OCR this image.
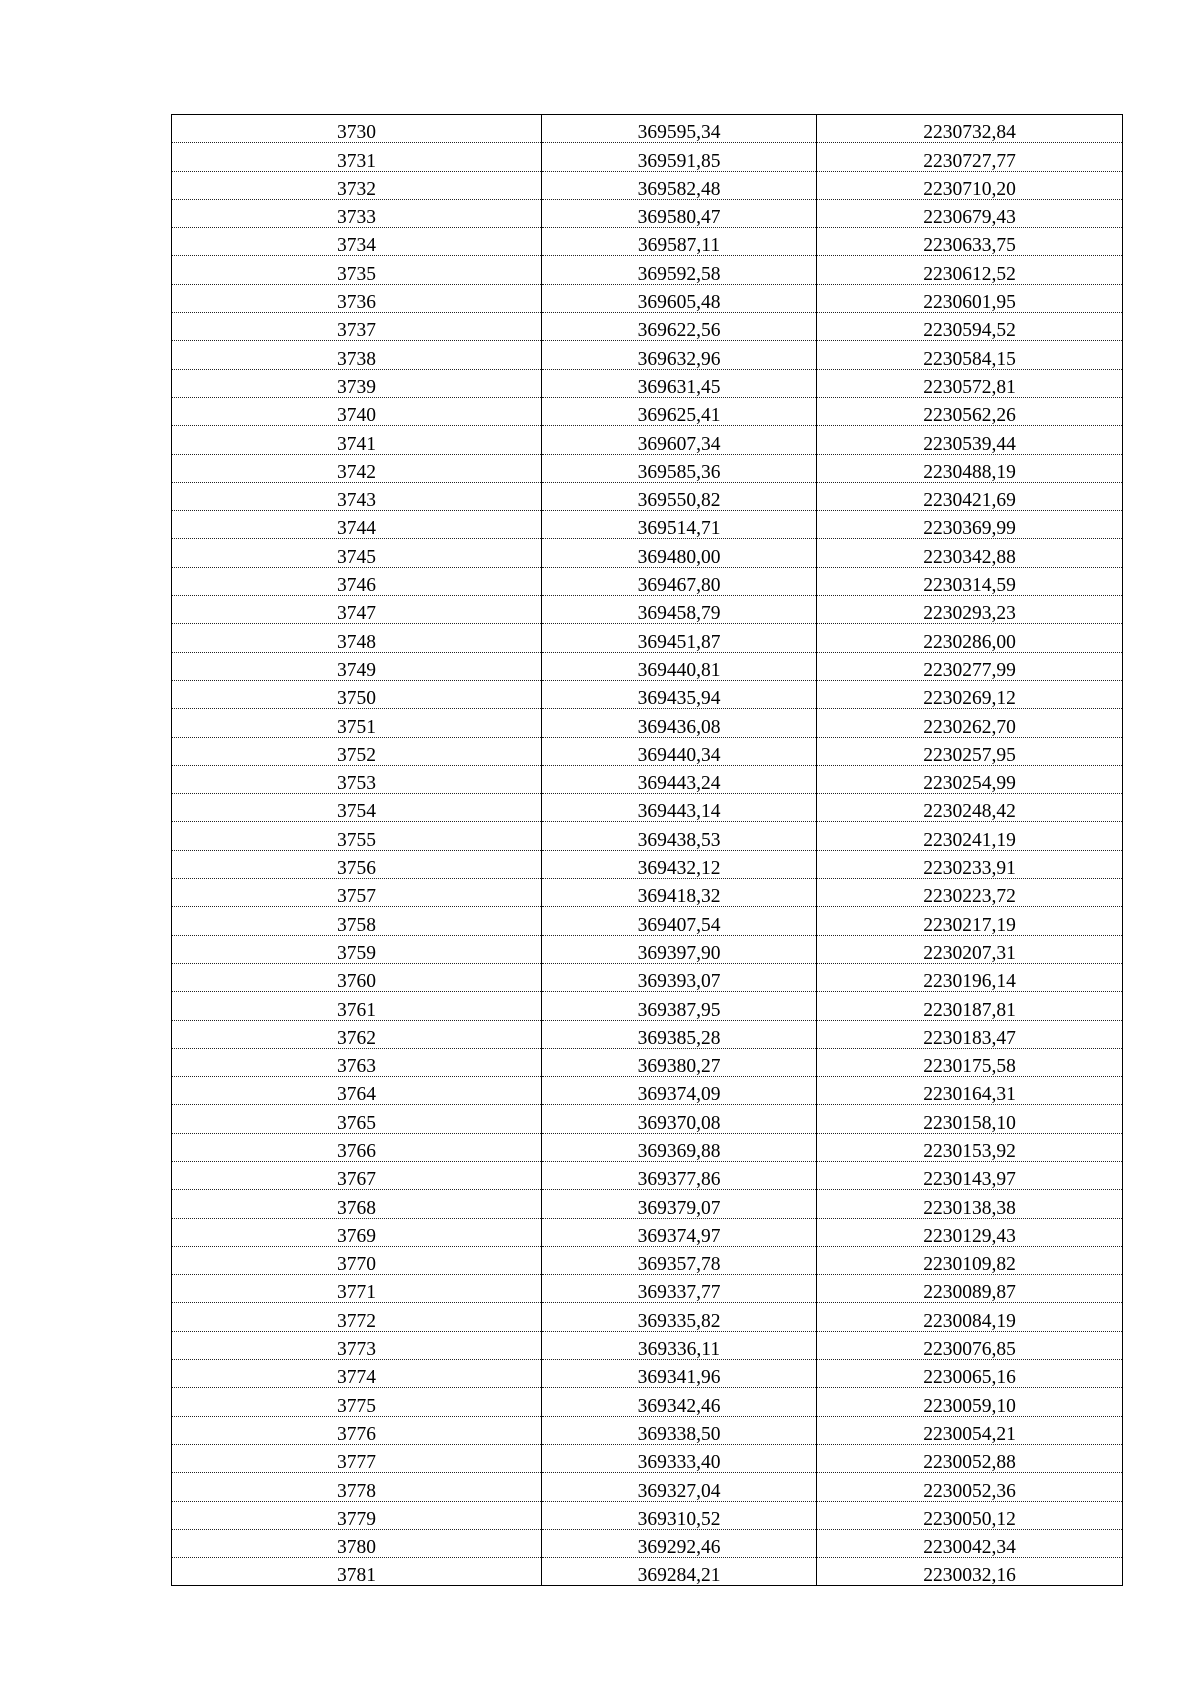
3730	369595,34	2230732,84
3731	369591,85	2230727,77
3732	369582,48	2230710,20
3733	369580,47	2230679,43
3734	369587,11	2230633,75
3735	369592,58	2230612,52
3736	369605,48	2230601,95
3737	369622,56	2230594,52
3738	369632,96	2230584,15
3739	369631,45	2230572,81
3740	369625,41	2230562,26
3741	369607,34	2230539,44
3742	369585,36	2230488,19
3743	369550,82	2230421,69
3744	369514,71	2230369,99
3745	369480,00	2230342,88
3746	369467,80	2230314,59
3747	369458,79	2230293,23
3748	369451,87	2230286,00
3749	369440,81	2230277,99
3750	369435,94	2230269,12
3751	369436,08	2230262,70
3752	369440,34	2230257,95
3753	369443,24	2230254,99
3754	369443,14	2230248,42
3755	369438,53	2230241,19
3756	369432,12	2230233,91
3757	369418,32	2230223,72
3758	369407,54	2230217,19
3759	369397,90	2230207,31
3760	369393,07	2230196,14
3761	369387,95	2230187,81
3762	369385,28	2230183,47
3763	369380,27	2230175,58
3764	369374,09	2230164,31
3765	369370,08	2230158,10
3766	369369,88	2230153,92
3767	369377,86	2230143,97
3768	369379,07	2230138,38
3769	369374,97	2230129,43
3770	369357,78	2230109,82
3771	369337,77	2230089,87
3772	369335,82	2230084,19
3773	369336,11	2230076,85
3774	369341,96	2230065,16
3775	369342,46	2230059,10
3776	369338,50	2230054,21
3777	369333,40	2230052,88
3778	369327,04	2230052,36
3779	369310,52	2230050,12
3780	369292,46	2230042,34
3781	369284,21	2230032,16
